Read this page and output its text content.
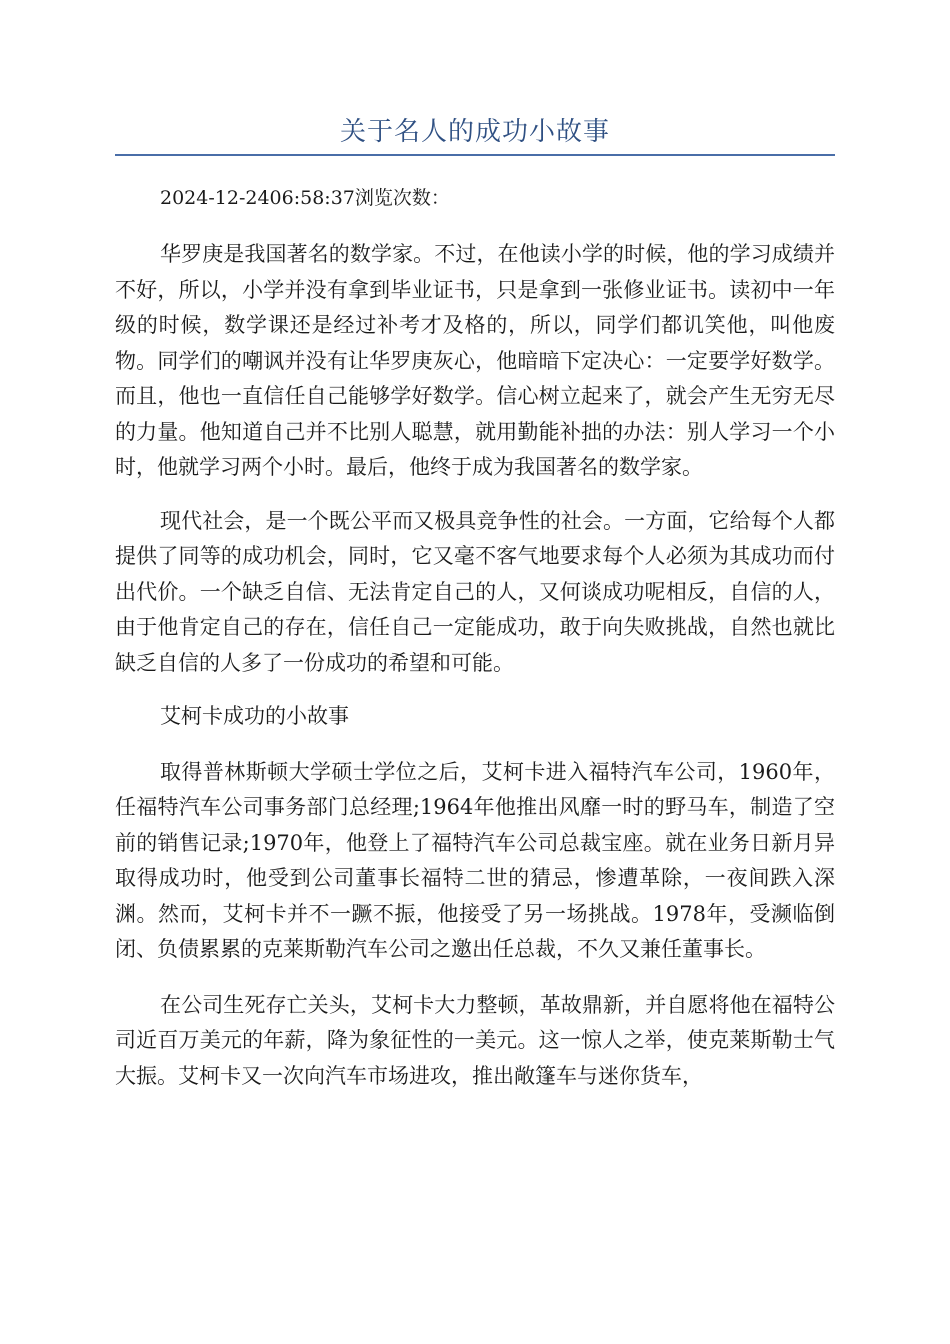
关于名人的成功小故事
2024-12-2406:58:37浏览次数：

华罗庚是我国著名的数学家。不过，在他读小学的时候，他的学习成绩并不好，所以，小学并没有拿到毕业证书，只是拿到一张修业证书。读初中一年级的时候，数学课还是经过补考才及格的，所以，同学们都讥笑他，叫他废物。同学们的嘲讽并没有让华罗庚灰心，他暗暗下定决心：一定要学好数学。而且，他也一直信任自己能够学好数学。信心树立起来了，就会产生无穷无尽的力量。他知道自己并不比别人聪慧，就用勤能补拙的办法：别人学习一个小时，他就学习两个小时。最后，他终于成为我国著名的数学家。

现代社会，是一个既公平而又极具竞争性的社会。一方面，它给每个人都提供了同等的成功机会，同时，它又毫不客气地要求每个人必须为其成功而付出代价。一个缺乏自信、无法肯定自己的人，又何谈成功呢相反，自信的人，由于他肯定自己的存在，信任自己一定能成功，敢于向失败挑战，自然也就比缺乏自信的人多了一份成功的希望和可能。

艾柯卡成功的小故事

取得普林斯顿大学硕士学位之后，艾柯卡进入福特汽车公司，1960年，任福特汽车公司事务部门总经理;1964年他推出风靡一时的野马车，制造了空前的销售记录;1970年，他登上了福特汽车公司总裁宝座。就在业务日新月异取得成功时，他受到公司董事长福特二世的猜忌，惨遭革除，一夜间跌入深渊。然而，艾柯卡并不一蹶不振，他接受了另一场挑战。1978年，受濒临倒闭、负债累累的克莱斯勒汽车公司之邀出任总裁，不久又兼任董事长。

在公司生死存亡关头，艾柯卡大力整顿，革故鼎新，并自愿将他在福特公司近百万美元的年薪，降为象征性的一美元。这一惊人之举，使克莱斯勒士气大振。艾柯卡又一次向汽车市场进攻，推出敞篷车与迷你货车，
